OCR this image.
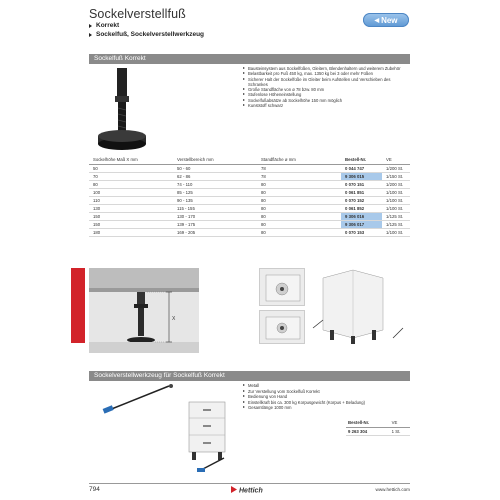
Sockelverstellfuß
Korrekt
Sockelfuß, Sockelverstellwerkzeug
◀ New
Sockelfuß Korrekt
Bausteinsystem aus Sockelfüßen, Gleitern, Blendenhaltern und weiterem Zubehör
Belastbarkeit pro Fuß 450 kg, max. 1350 kg bei 3 oder mehr Füßen
Sicherer Halt der Sockelfüße im Gleiter beim Aufstellen und Verschieben des Schrankes
Große Standfläche von ø 78 bzw. 80 mm
Stufenlose Höheneinstellung
Sockelfußabsätze ab Sockelhöhe 150 mm möglich
Kunststoff schwarz
Sockelhöhe Maß X mm	Verstellbereich mm	Standfläche ø mm	Bestell-Nr.	VE
50	50 - 60	78	0 044 747	1/200 St.
70	62 - 86	78	9 306 015	1/150 St.
80	74 - 110	80	0 070 151	1/200 St.
100	85 - 125	80	0 061 851	1/100 St.
110	90 - 135	80	0 070 152	1/100 St.
130	115 - 155	80	0 061 852	1/100 St.
150	130 - 170	80	9 306 016	1/125 St.
150	139 - 175	80	9 306 017	1/125 St.
180	169 - 205	80	0 070 153	1/100 St.
X
Sockelverstellwerkzeug für Sockelfuß Korrekt
Metall
Zur Verstellung vom Sockelfuß Korrekt
Bedienung von Hand
Einstellkraft bis ca. 300 kg Korpusgewicht (Korpus + Beladung)
Gesamtlänge 1000 mm
Bestell-Nr.	VE
9 263 304	1 St.
794	Hettich	www.hettich.com
